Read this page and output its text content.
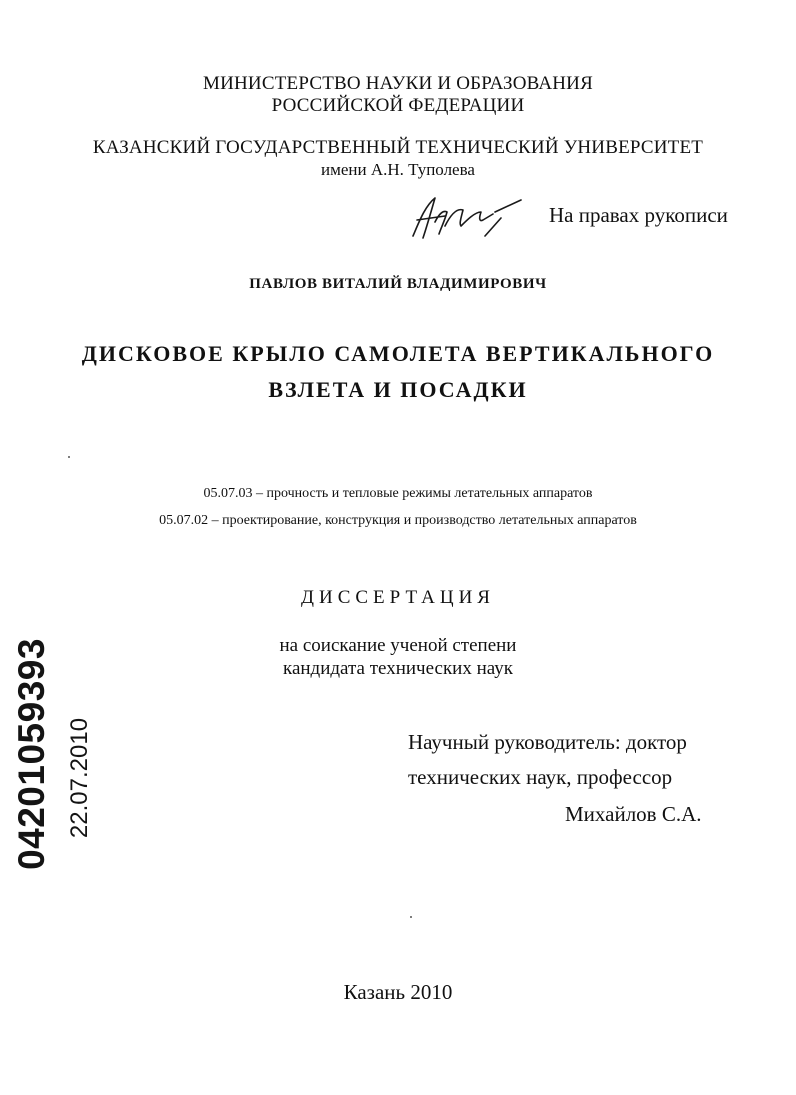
МИНИСТЕРСТВО НАУКИ И ОБРАЗОВАНИЯ
РОССИЙСКОЙ ФЕДЕРАЦИИ
КАЗАНСКИЙ ГОСУДАРСТВЕННЫЙ ТЕХНИЧЕСКИЙ УНИВЕРСИТЕТ
имени А.Н. Туполева
На правах рукописи
ПАВЛОВ ВИТАЛИЙ ВЛАДИМИРОВИЧ
ДИСКОВОЕ КРЫЛО САМОЛЕТА ВЕРТИКАЛЬНОГО
ВЗЛЕТА И ПОСАДКИ
05.07.03 – прочность и тепловые режимы летательных аппаратов
05.07.02 – проектирование, конструкция и производство летательных аппаратов
ДИССЕРТАЦИЯ
на соискание ученой степени
кандидата технических наук
Научный руководитель: доктор
технических наук, профессор
Михайлов С.А.
Казань 2010
04201059393 22.07.2010
